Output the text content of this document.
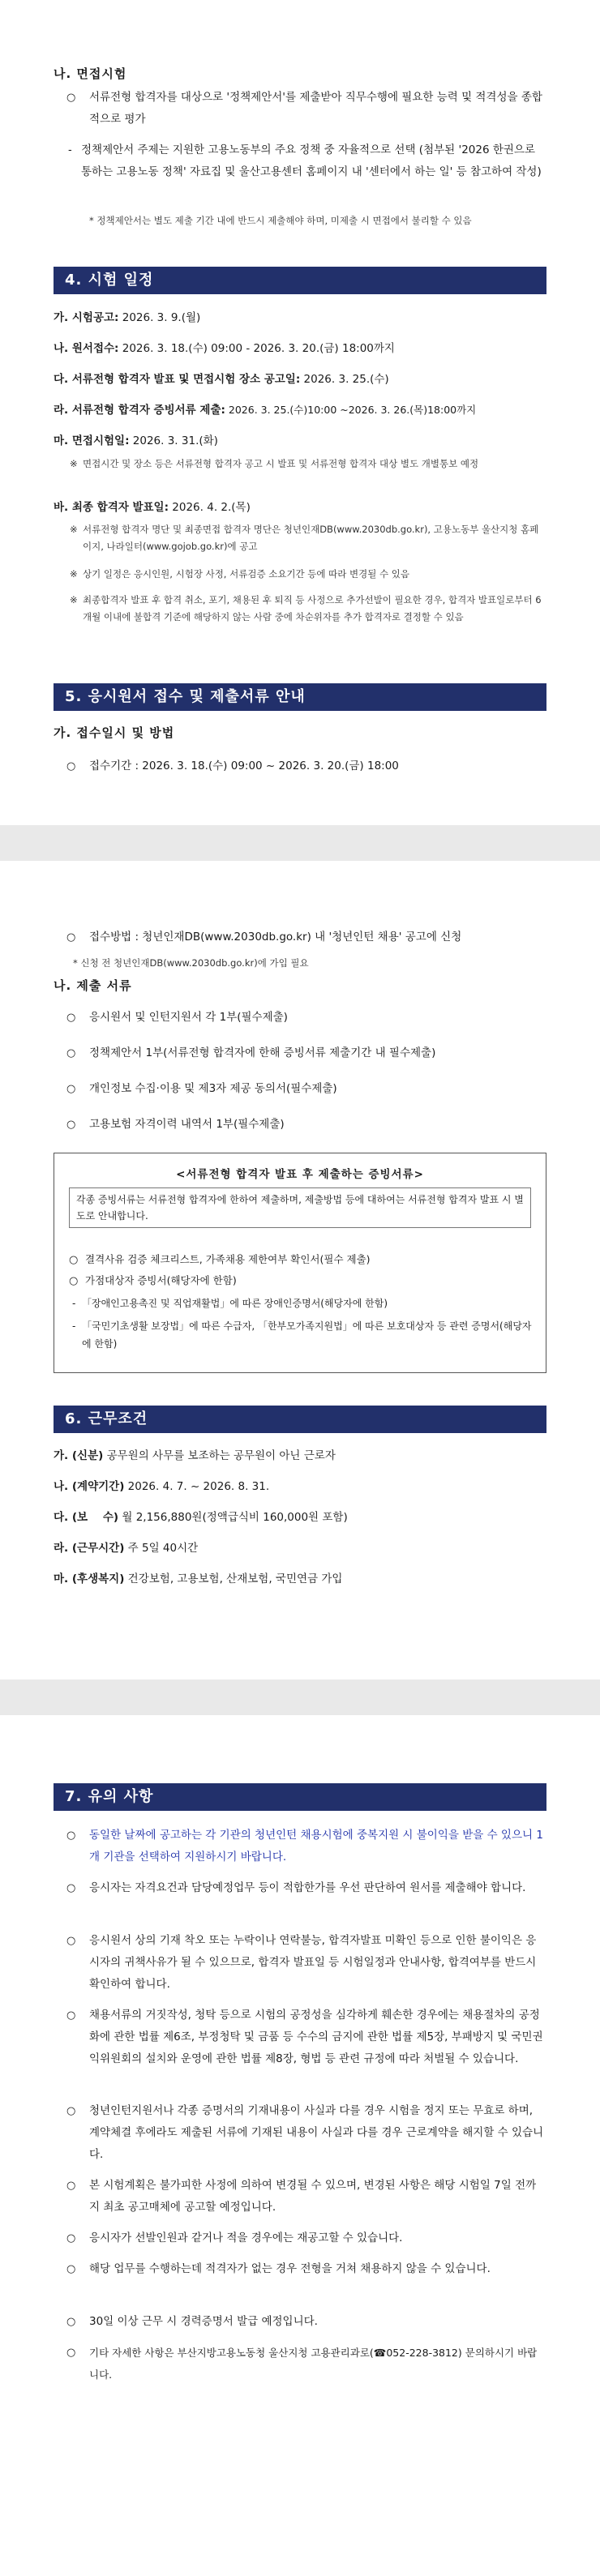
나. 면접시험
○ 서류전형 합격자를 대상으로 '정책제안서'를 제출받아 직무수행에 필요한 능력 및 적격성을 종합적으로 평가
- 정책제안서 주제는 지원한 고용노동부의 주요 정책 중 자율적으로 선택 (첨부된 '2026 한권으로 통하는 고용노동 정책' 자료집 및 울산고용센터 홈페이지 내 '센터에서 하는 일' 등 참고하여 작성)
* 정책제안서는 별도 제출 기간 내에 반드시 제출해야 하며, 미제출 시 면접에서 불리할 수 있음
4. 시험 일정
가. 시험공고: 2026. 3. 9.(월)
나. 원서접수: 2026. 3. 18.(수) 09:00 - 2026. 3. 20.(금) 18:00까지
다. 서류전형 합격자 발표 및 면접시험 장소 공고일: 2026. 3. 25.(수)
라. 서류전형 합격자 증빙서류 제출: 2026. 3. 25.(수)10:00 ~2026. 3. 26.(목)18:00까지
마. 면접시험일: 2026. 3. 31.(화)
※ 면접시간 및 장소 등은 서류전형 합격자 공고 시 발표 및 서류전형 합격자 대상 별도 개별통보 예정
바. 최종 합격자 발표일: 2026. 4. 2.(목)
※ 서류전형 합격자 명단 및 최종면접 합격자 명단은 청년인재DB(www.2030db.go.kr), 고용노동부 울산지청 홈페이지, 나라일터(www.gojob.go.kr)에 공고
※ 상기 일정은 응시인원, 시험장 사정, 서류검증 소요기간 등에 따라 변경될 수 있음
※ 최종합격자 발표 후 합격 취소, 포기, 채용된 후 퇴직 등 사정으로 추가선발이 필요한 경우, 합격자 발표일로부터 6개월 이내에 불합격 기준에 해당하지 않는 사람 중에 차순위자를 추가 합격자로 결정할 수 있음
5. 응시원서 접수 및 제출서류 안내
가. 접수일시 및 방법
○ 접수기간 : 2026. 3. 18.(수) 09:00 ~ 2026. 3. 20.(금) 18:00
○ 접수방법 : 청년인재DB(www.2030db.go.kr) 내 '청년인턴 채용' 공고에 신청
* 신청 전 청년인재DB(www.2030db.go.kr)에 가입 필요
나. 제출 서류
○ 응시원서 및 인턴지원서 각 1부(필수제출)
○ 정책제안서 1부(서류전형 합격자에 한해 증빙서류 제출기간 내 필수제출)
○ 개인정보 수집·이용 및 제3자 제공 동의서(필수제출)
○ 고용보험 자격이력 내역서 1부(필수제출)
<서류전형 합격자 발표 후 제출하는 증빙서류>
각종 증빙서류는 서류전형 합격자에 한하여 제출하며, 제출방법 등에 대하여는 서류전형 합격자 발표 시 별도로 안내합니다.
○ 결격사유 검증 체크리스트, 가족채용 제한여부 확인서(필수 제출)
○ 가점대상자 증빙서(해당자에 한함)
- 「장애인고용촉진 및 직업재활법」에 따른 장애인증명서(해당자에 한함)
- 「국민기초생활 보장법」에 따른 수급자, 「한부모가족지원법」에 따른 보호대상자 등 관련 증명서(해당자에 한함)
6. 근무조건
가. (신분) 공무원의 사무를 보조하는 공무원이 아닌 근로자
나. (계약기간) 2026. 4. 7. ~ 2026. 8. 31.
다. (보    수) 월 2,156,880원(정액급식비 160,000원 포함)
라. (근무시간) 주 5일 40시간
마. (후생복지) 건강보험, 고용보험, 산재보험, 국민연금 가입
7. 유의 사항
○ 동일한 날짜에 공고하는 각 기관의 청년인턴 채용시험에 중복지원 시 불이익을 받을 수 있으니 1개 기관을 선택하여 지원하시기 바랍니다.
○ 응시자는 자격요건과 담당예정업무 등이 적합한가를 우선 판단하여 원서를 제출해야 합니다.
○ 응시원서 상의 기재 착오 또는 누락이나 연락불능, 합격자발표 미확인 등으로 인한 불이익은 응시자의 귀책사유가 될 수 있으므로, 합격자 발표일 등 시험일정과 안내사항, 합격여부를 반드시 확인하여 합니다.
○ 채용서류의 거짓작성, 청탁 등으로 시험의 공정성을 심각하게 훼손한 경우에는 채용절차의 공정화에 관한 법률 제6조, 부정청탁 및 금품 등 수수의 금지에 관한 법률 제5장, 부패방지 및 국민권익위원회의 설치와 운영에 관한 법률 제8장, 형법 등 관련 규정에 따라 처벌될 수 있습니다.
○ 청년인턴지원서나 각종 증명서의 기재내용이 사실과 다를 경우 시험을 정지 또는 무효로 하며, 계약체결 후에라도 제출된 서류에 기재된 내용이 사실과 다를 경우 근로계약을 해지할 수 있습니다.
○ 본 시험계획은 불가피한 사정에 의하여 변경될 수 있으며, 변경된 사항은 해당 시험일 7일 전까지 최초 공고매체에 공고할 예정입니다.
○ 응시자가 선발인원과 같거나 적을 경우에는 재공고할 수 있습니다.
○ 해당 업무를 수행하는데 적격자가 없는 경우 전형을 거쳐 채용하지 않을 수 있습니다.
○ 30일 이상 근무 시 경력증명서 발급 예정입니다.
○ 기타 자세한 사항은 부산지방고용노동청 울산지청 고용관리과로(☎052-228-3812) 문의하시기 바랍니다.
